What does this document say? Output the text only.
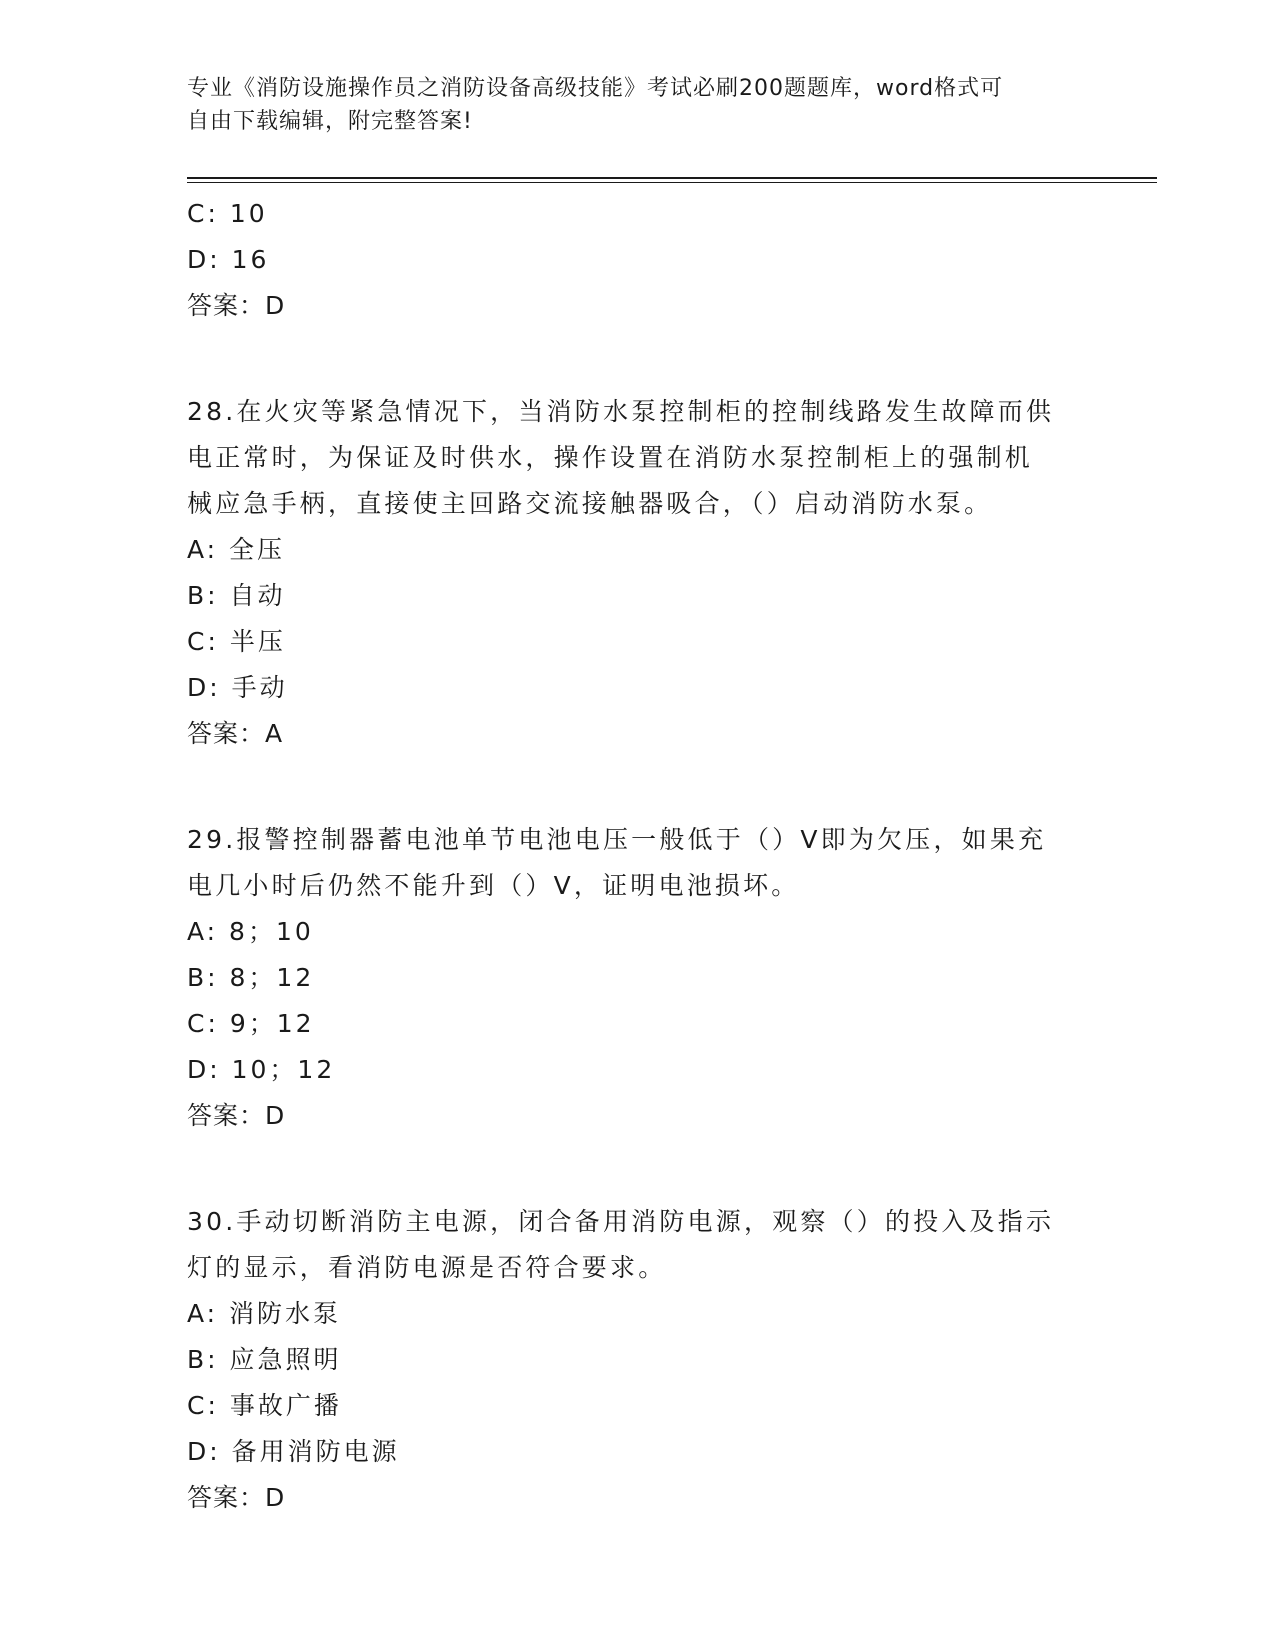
专业《消防设施操作员之消防设备高级技能》考试必刷200题题库，word格式可
自由下载编辑，附完整答案!
C: 10
D: 16
答案：D
28.在火灾等紧急情况下，当消防水泵控制柜的控制线路发生故障而供
电正常时，为保证及时供水，操作设置在消防水泵控制柜上的强制机
械应急手柄，直接使主回路交流接触器吸合，（）启动消防水泵。
A: 全压
B: 自动
C: 半压
D: 手动
答案：A
29.报警控制器蓄电池单节电池电压一般低于（）V即为欠压，如果充
电几小时后仍然不能升到（）V，证明电池损坏。
A: 8；10
B: 8；12
C: 9；12
D: 10；12
答案：D
30.手动切断消防主电源，闭合备用消防电源，观察（）的投入及指示
灯的显示，看消防电源是否符合要求。
A: 消防水泵
B: 应急照明
C: 事故广播
D: 备用消防电源
答案：D
